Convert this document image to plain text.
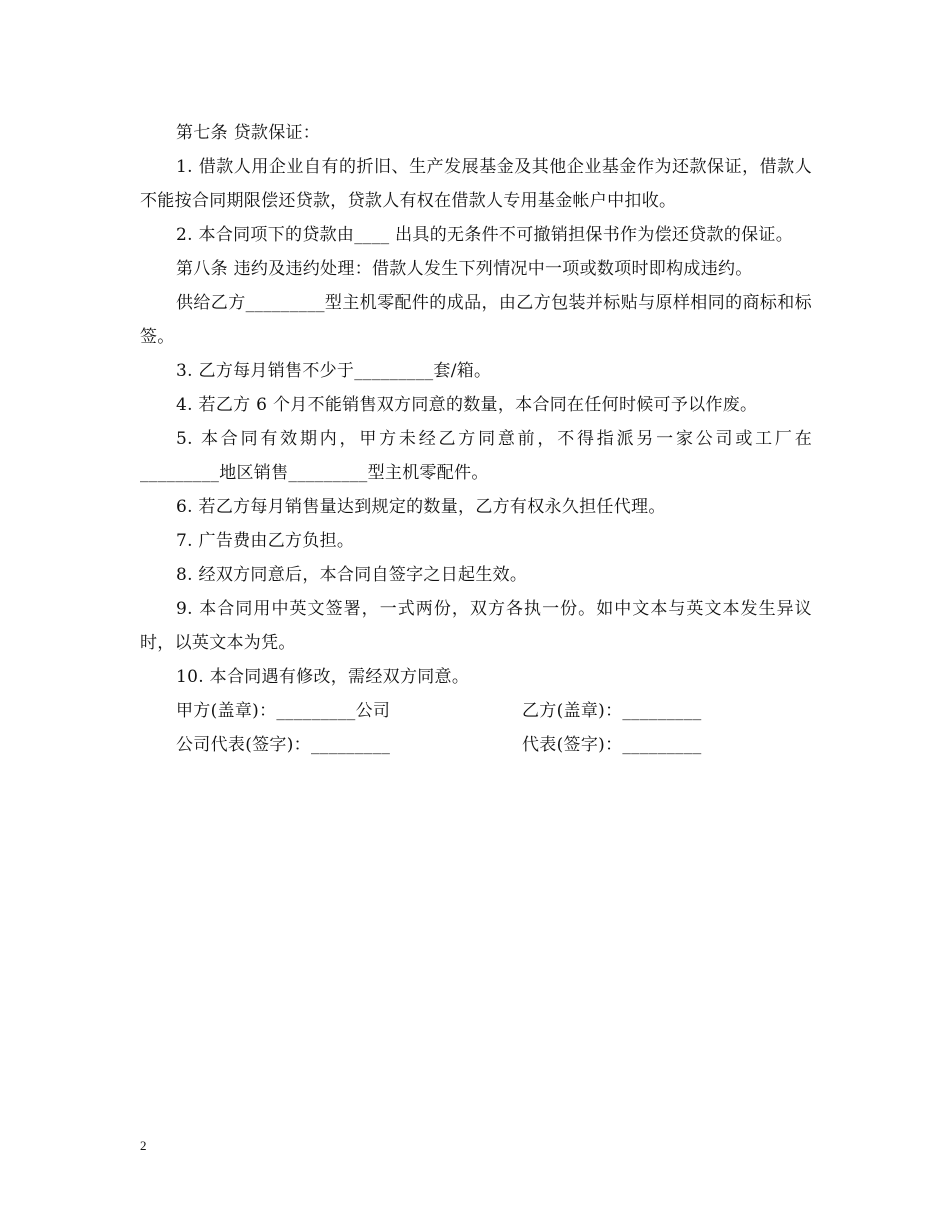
第七条 贷款保证：

1. 借款人用企业自有的折旧、生产发展基金及其他企业基金作为还款保证，借款人不能按合同期限偿还贷款，贷款人有权在借款人专用基金帐户中扣收。

2. 本合同项下的贷款由____ 出具的无条件不可撤销担保书作为偿还贷款的保证。

第八条 违约及违约处理：借款人发生下列情况中一项或数项时即构成违约。

供给乙方_________型主机零配件的成品，由乙方包装并标贴与原样相同的商标和标签。

3. 乙方每月销售不少于_________套/箱。

4. 若乙方 6 个月不能销售双方同意的数量，本合同在任何时候可予以作废。

5. 本合同有效期内，甲方未经乙方同意前，不得指派另一家公司或工厂在_________地区销售_________型主机零配件。

6. 若乙方每月销售量达到规定的数量，乙方有权永久担任代理。

7. 广告费由乙方负担。

8. 经双方同意后，本合同自签字之日起生效。

9. 本合同用中英文签署，一式两份，双方各执一份。如中文本与英文本发生异议时，以英文本为凭。

10. 本合同遇有修改，需经双方同意。

甲方(盖章)：_________公司	乙方(盖章)：_________
公司代表(签字)：_________	代表(签字)：_________
2
